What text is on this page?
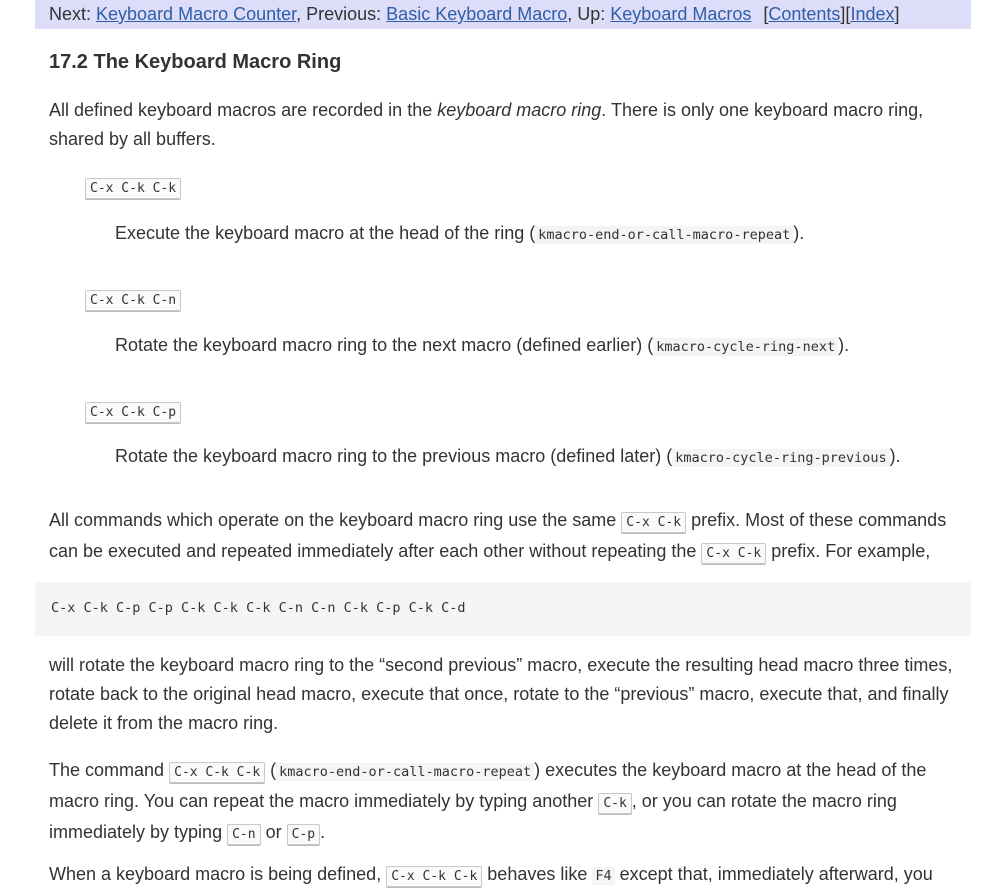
Next: Keyboard Macro Counter, Previous: Basic Keyboard Macro, Up: Keyboard Macros [Contents][Index]
17.2 The Keyboard Macro Ring

All defined keyboard macros are recorded in the keyboard macro ring. There is only one keyboard macro ring, shared by all buffers.

C-x C-k C-k
Execute the keyboard macro at the head of the ring ( kmacro-end-or-call-macro-repeat ).
C-x C-k C-n
Rotate the keyboard macro ring to the next macro (defined earlier) ( kmacro-cycle-ring-next ).
C-x C-k C-p
Rotate the keyboard macro ring to the previous macro (defined later) ( kmacro-cycle-ring-previous ).

All commands which operate on the keyboard macro ring use the same C-x C-k prefix. Most of these commands can be executed and repeated immediately after each other without repeating the C-x C-k prefix. For example,

C-x C-k C-p C-p C-k C-k C-k C-n C-n C-k C-p C-k C-d

will rotate the keyboard macro ring to the “second previous” macro, execute the resulting head macro three times, rotate back to the original head macro, execute that once, rotate to the “previous” macro, execute that, and finally delete it from the macro ring.

The command C-x C-k C-k ( kmacro-end-or-call-macro-repeat ) executes the keyboard macro at the head of the macro ring. You can repeat the macro immediately by typing another C-k , or you can rotate the macro ring immediately by typing C-n or C-p .

When a keyboard macro is being defined, C-x C-k C-k behaves like F4 except that, immediately afterward, you
